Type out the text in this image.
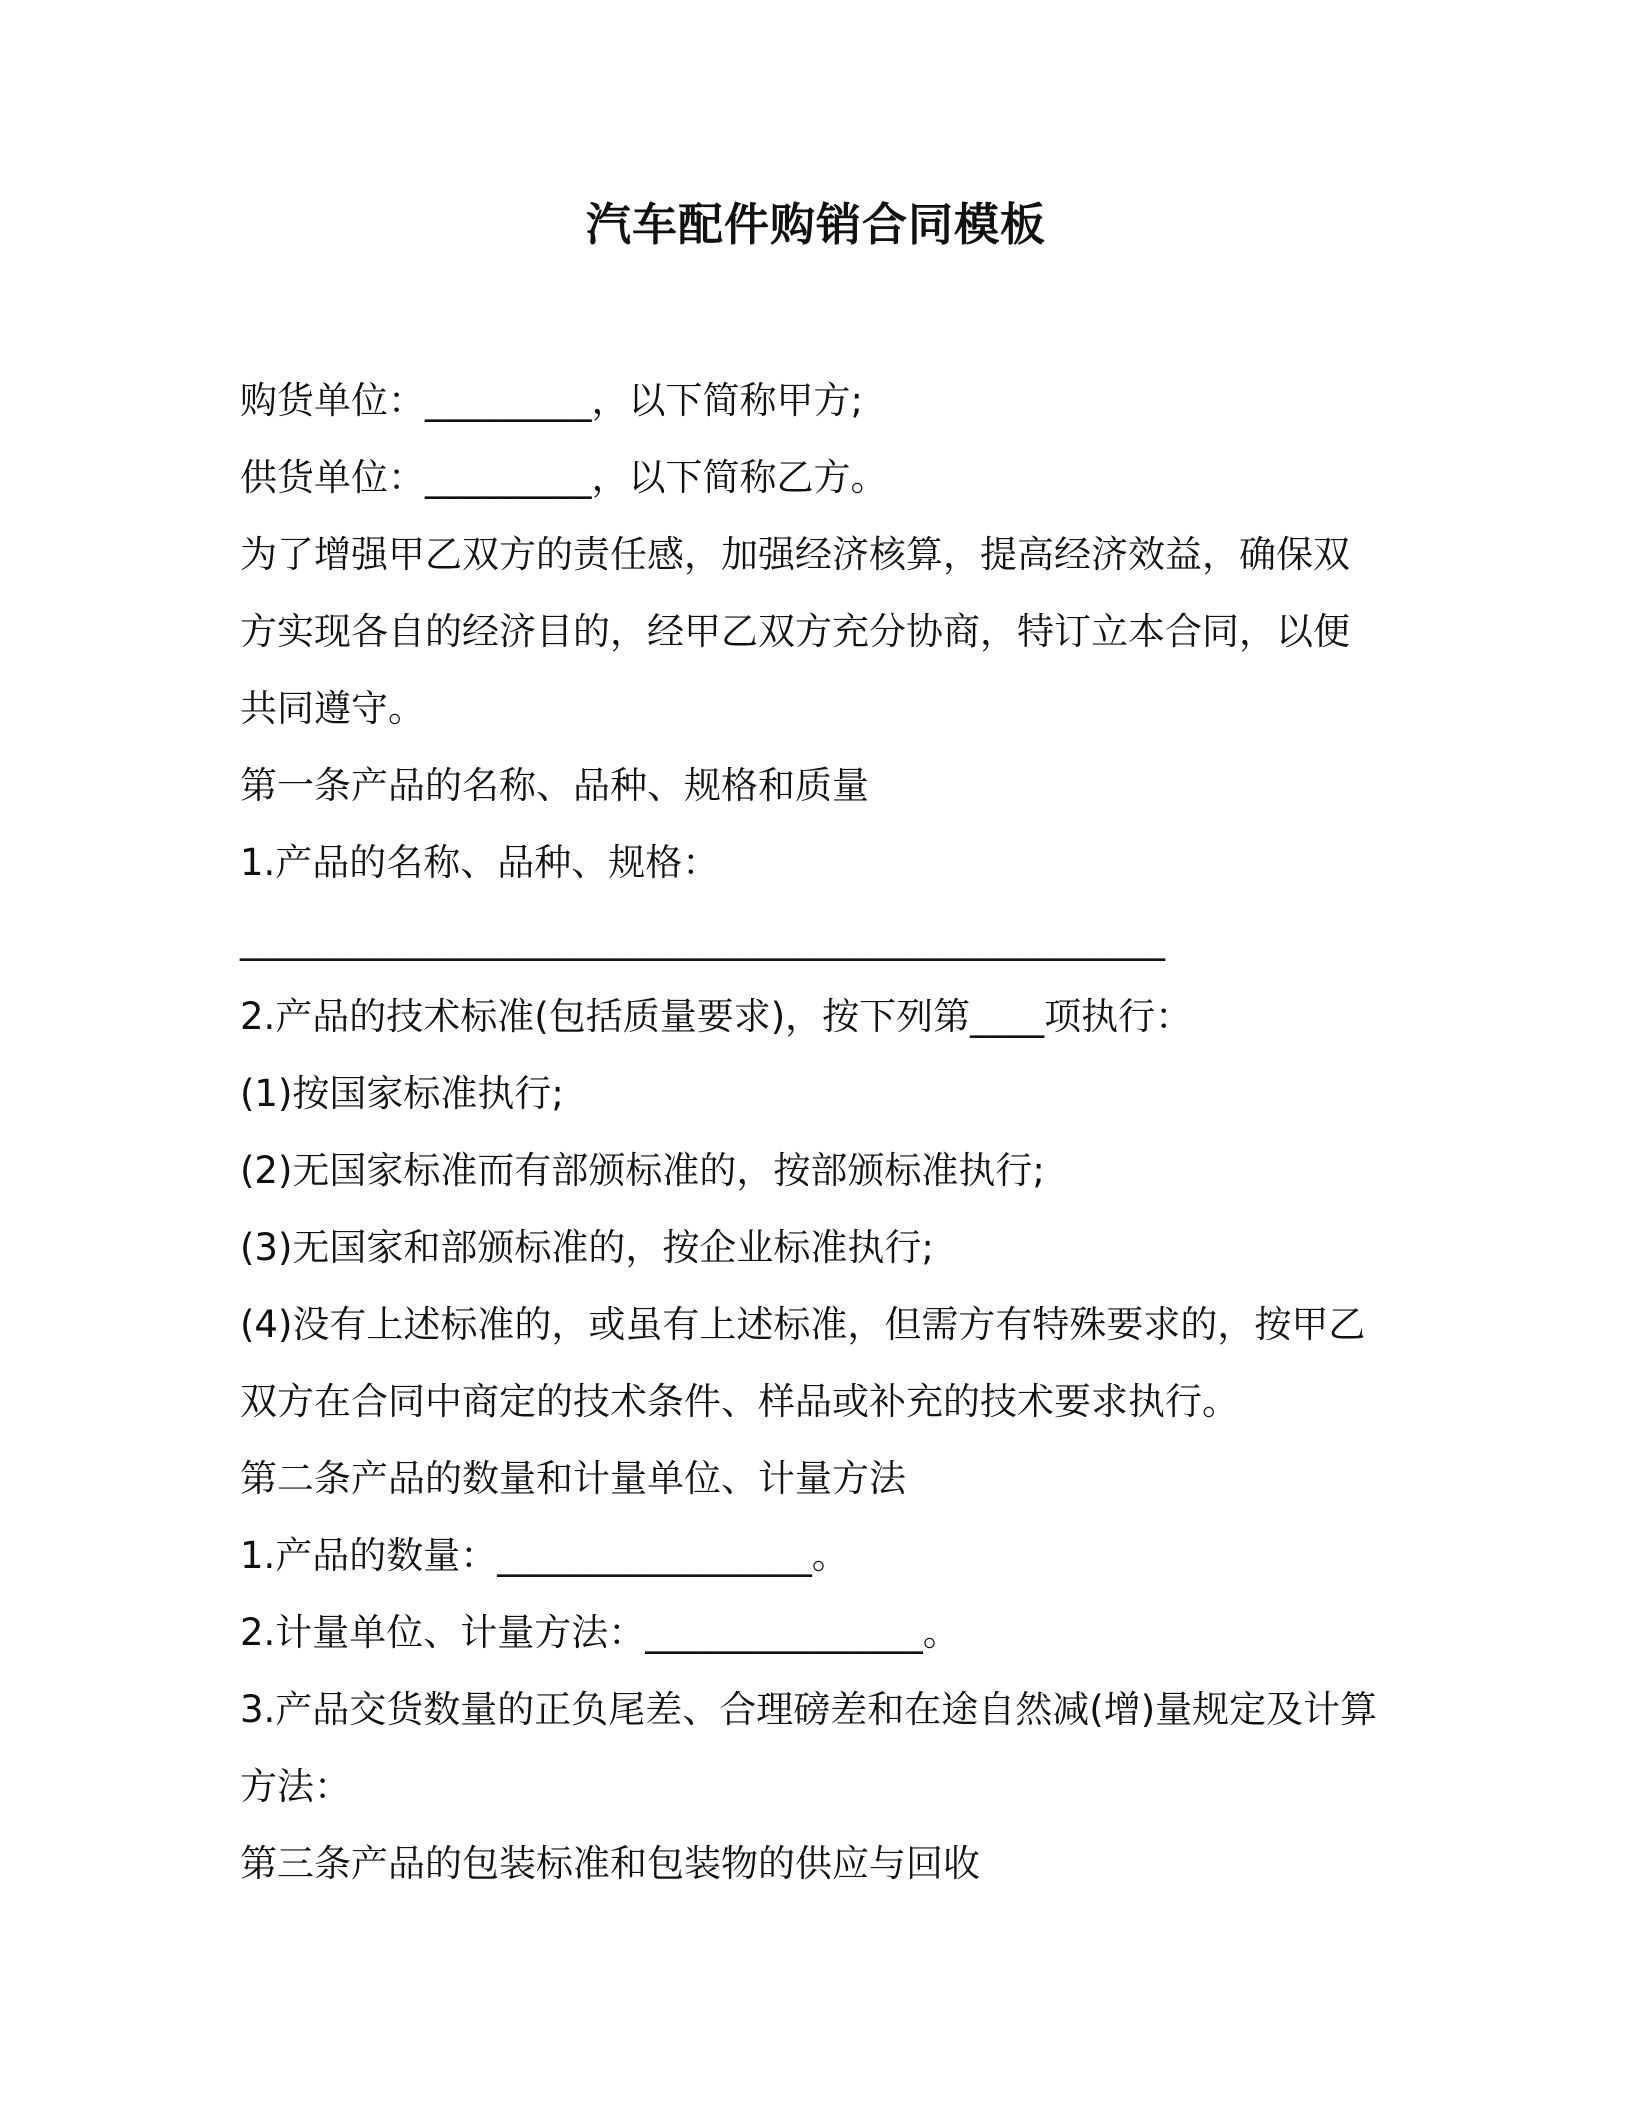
汽车配件购销合同模板
购货单位：_________，以下简称甲方;
供货单位：_________，以下简称乙方。
为了增强甲乙双方的责任感，加强经济核算，提高经济效益，确保双
方实现各自的经济目的，经甲乙双方充分协商，特订立本合同，以便
共同遵守。
第一条产品的名称、品种、规格和质量
1.产品的名称、品种、规格：
__________________________________________________
2.产品的技术标准(包括质量要求)，按下列第____项执行：
(1)按国家标准执行;
(2)无国家标准而有部颁标准的，按部颁标准执行;
(3)无国家和部颁标准的，按企业标准执行;
(4)没有上述标准的，或虽有上述标准，但需方有特殊要求的，按甲乙
双方在合同中商定的技术条件、样品或补充的技术要求执行。
第二条产品的数量和计量单位、计量方法
1.产品的数量：_________________。
2.计量单位、计量方法：_______________。
3.产品交货数量的正负尾差、合理磅差和在途自然减(增)量规定及计算
方法：
第三条产品的包装标准和包装物的供应与回收
